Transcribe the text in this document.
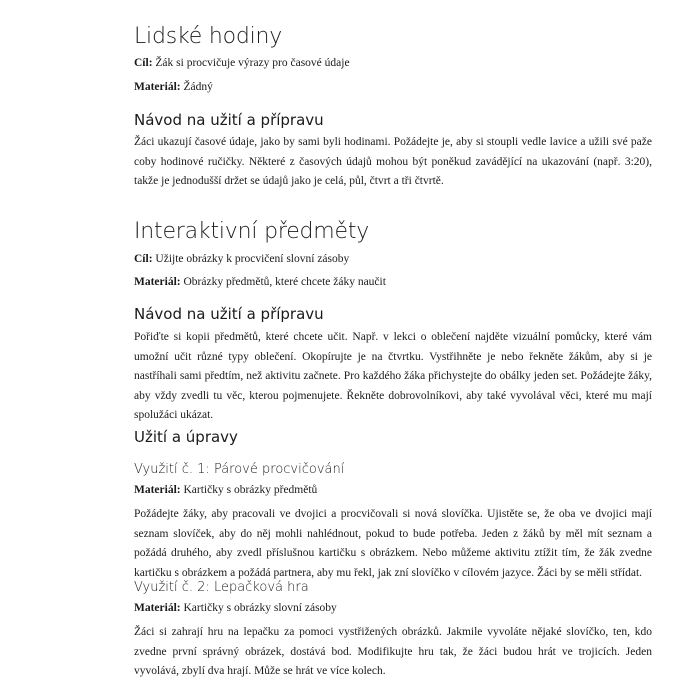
Lidské hodiny

Cíl: Žák si procvičuje výrazy pro časové údaje

Materiál: Žádný

Návod na užití a přípravu

Žáci ukazují časové údaje, jako by sami byli hodinami. Požádejte je, aby si stoupli vedle lavice a užili své paže coby hodinové ručičky. Některé z časových údajů mohou být poněkud zavádějící na ukazování (např. 3:20), takže je jednodušší držet se údajů jako je celá, půl, čtvrt a tři čtvrtě.

Interaktivní předměty

Cíl: Užijte obrázky k procvičení slovní zásoby

Materiál: Obrázky předmětů, které chcete žáky naučit

Návod na užití a přípravu

Pořiďte si kopii předmětů, které chcete učit. Např. v lekci o oblečení najděte vizuální pomůcky, které vám umožní učit různé typy oblečení. Okopírujte je na čtvrtku. Vystřihněte je nebo řekněte žákům, aby si je nastříhali sami předtím, než aktivitu začnete. Pro každého žáka přichystejte do obálky jeden set. Požádejte žáky, aby vždy zvedli tu věc, kterou pojmenujete. Řekněte dobrovolníkovi, aby také vyvolával věci, které mu mají spolužáci ukázat.

Užití a úpravy
Využití č. 1: Párové procvičování

Materiál: Kartičky s obrázky předmětů

Požádejte žáky, aby pracovali ve dvojici a procvičovali si nová slovíčka. Ujistěte se, že oba ve dvojici mají seznam slovíček, aby do něj mohli nahlédnout, pokud to bude potřeba. Jeden z žáků by měl mít seznam a požádá druhého, aby zvedl příslušnou kartičku s obrázkem. Nebo můžeme aktivitu ztížit tím, že žák zvedne kartičku s obrázkem a požádá partnera, aby mu řekl, jak zní slovíčko v cílovém jazyce. Žáci by se měli střídat.

Využití č. 2: Lepačková hra

Materiál: Kartičky s obrázky slovní zásoby

Žáci si zahrají hru na lepačku za pomoci vystřižených obrázků. Jakmile vyvoláte nějaké slovíčko, ten, kdo zvedne první správný obrázek, dostává bod. Modifikujte hru tak, že žáci budou hrát ve trojicích. Jeden vyvolává, zbylí dva hrají. Může se hrát ve více kolech.
